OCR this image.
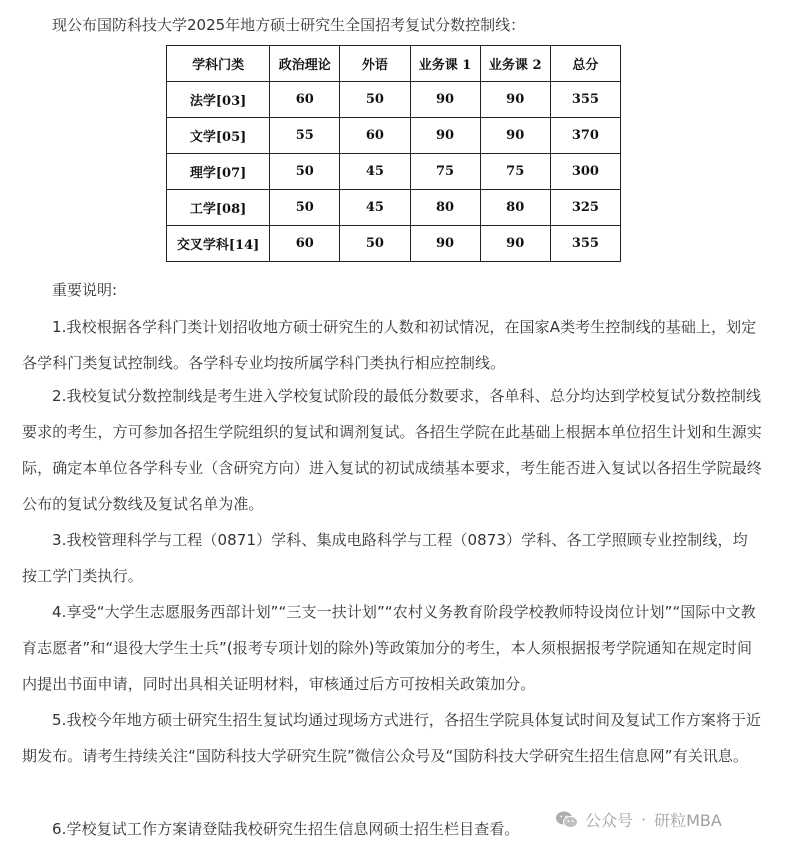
现公布国防科技大学2025年地方硕士研究生全国招考复试分数控制线：
学科门类	政治理论	外语	业务课 1	业务课 2	总分
法学[03]	60	50	90	90	355
文学[05]	55	60	90	90	370
理学[07]	50	45	75	75	300
工学[08]	50	45	80	80	325
交叉学科[14]	60	50	90	90	355
重要说明:

1.我校根据各学科门类计划招收地方硕士研究生的人数和初试情况，在国家A类考生控制线的基础上，划定各学科门类复试控制线。各学科专业均按所属学科门类执行相应控制线。

2.我校复试分数控制线是考生进入学校复试阶段的最低分数要求，各单科、总分均达到学校复试分数控制线要求的考生，方可参加各招生学院组织的复试和调剂复试。各招生学院在此基础上根据本单位招生计划和生源实际，确定本单位各学科专业（含研究方向）进入复试的初试成绩基本要求，考生能否进入复试以各招生学院最终公布的复试分数线及复试名单为准。

3.我校管理科学与工程（0871）学科、集成电路科学与工程（0873）学科、各工学照顾专业控制线，均按工学门类执行。

4.享受“大学生志愿服务西部计划”“三支一扶计划”“农村义务教育阶段学校教师特设岗位计划”“国际中文教育志愿者”和“退役大学生士兵”(报考专项计划的除外)等政策加分的考生，本人须根据报考学院通知在规定时间内提出书面申请，同时出具相关证明材料，审核通过后方可按相关政策加分。

5.我校今年地方硕士研究生招生复试均通过现场方式进行，各招生学院具体复试时间及复试工作方案将于近期发布。请考生持续关注“国防科技大学研究生院”微信公众号及“国防科技大学研究生招生信息网”有关讯息。

6.学校复试工作方案请登陆我校研究生招生信息网硕士招生栏目查看。	公众号 · 研粒MBA
